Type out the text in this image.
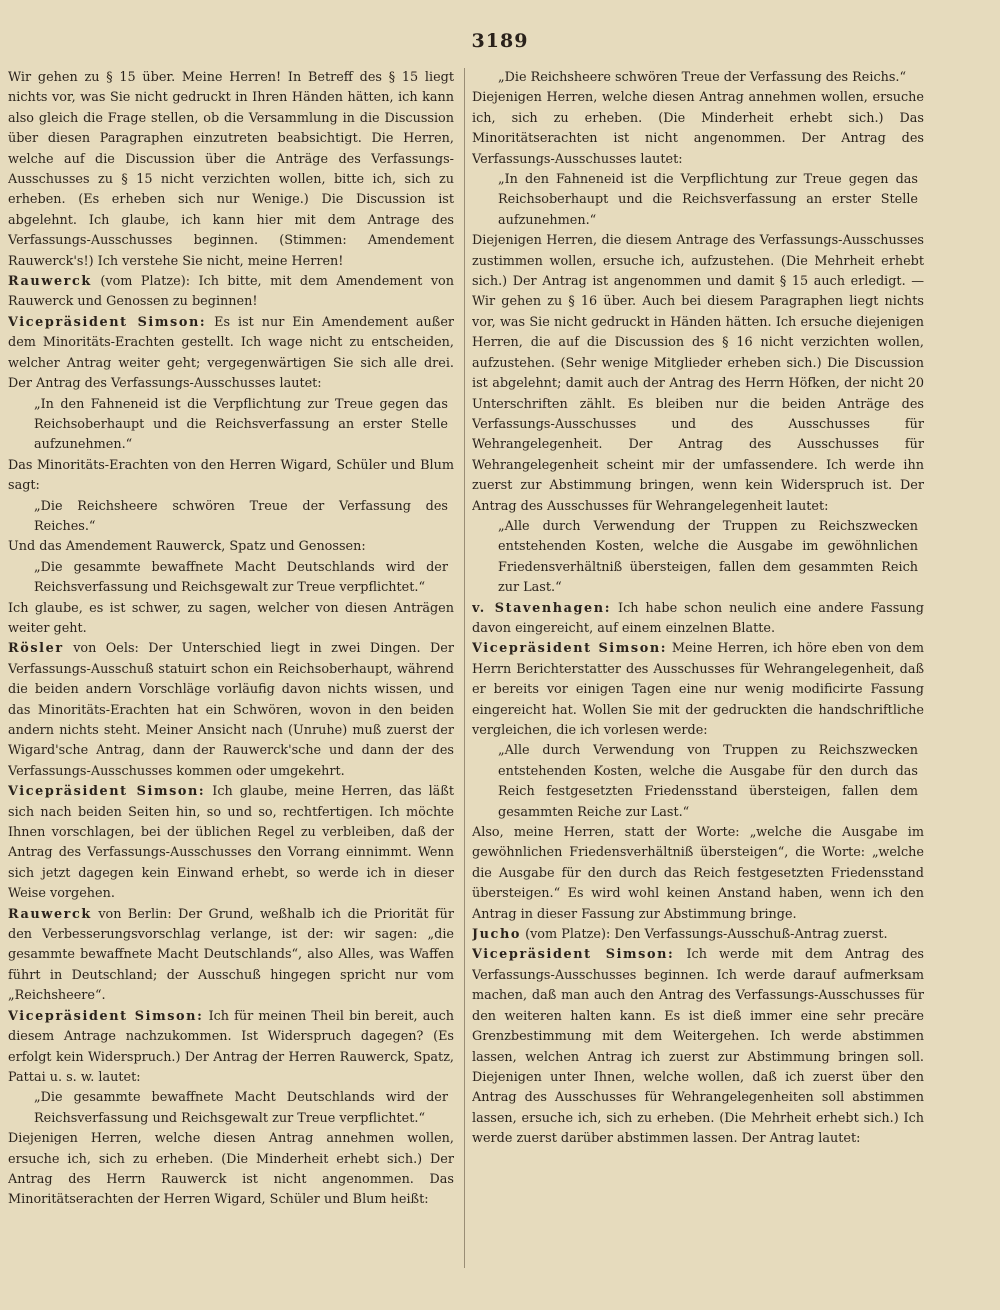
3189

Wir gehen zu § 15 über. Meine Herren! In Betreff des § 15 liegt nichts vor, was Sie nicht gedruckt in Ihren Händen hätten, ich kann also gleich die Frage stellen, ob die Versammlung in die Discussion über diesen Paragraphen einzutreten beabsichtigt. Die Herren, welche auf die Discussion über die Anträge des Verfassungs-Ausschusses zu § 15 nicht verzichten wollen, bitte ich, sich zu erheben. (Es erheben sich nur Wenige.) Die Discussion ist abgelehnt. Ich glaube, ich kann hier mit dem Antrage des Verfassungs-Ausschusses beginnen. (Stimmen: Amendement Rauwerck's!) Ich verstehe Sie nicht, meine Herren!

Rauwerck (vom Platze): Ich bitte, mit dem Amendement von Rauwerck und Genossen zu beginnen!

Vicepräsident Simson: Es ist nur Ein Amendement außer dem Minoritäts-Erachten gestellt. Ich wage nicht zu entscheiden, welcher Antrag weiter geht; vergegenwärtigen Sie sich alle drei. Der Antrag des Verfassungs-Ausschusses lautet:

„In den Fahneneid ist die Verpflichtung zur Treue gegen das Reichsoberhaupt und die Reichsverfassung an erster Stelle aufzunehmen.“

Das Minoritäts-Erachten von den Herren Wigard, Schüler und Blum sagt:

„Die Reichsheere schwören Treue der Verfassung des Reiches.“

Und das Amendement Rauwerck, Spatz und Genossen:

„Die gesammte bewaffnete Macht Deutschlands wird der Reichsverfassung und Reichsgewalt zur Treue verpflichtet.“

Ich glaube, es ist schwer, zu sagen, welcher von diesen Anträgen weiter geht.

Rösler von Oels: Der Unterschied liegt in zwei Dingen. Der Verfassungs-Ausschuß statuirt schon ein Reichsoberhaupt, während die beiden andern Vorschläge vorläufig davon nichts wissen, und das Minoritäts-Erachten hat ein Schwören, wovon in den beiden andern nichts steht. Meiner Ansicht nach (Unruhe) muß zuerst der Wigard'sche Antrag, dann der Rauwerck'sche und dann der des Verfassungs-Ausschusses kommen oder umgekehrt.

Vicepräsident Simson: Ich glaube, meine Herren, das läßt sich nach beiden Seiten hin, so und so, rechtfertigen. Ich möchte Ihnen vorschlagen, bei der üblichen Regel zu verbleiben, daß der Antrag des Verfassungs-Ausschusses den Vorrang einnimmt. Wenn sich jetzt dagegen kein Einwand erhebt, so werde ich in dieser Weise vorgehen.

Rauwerck von Berlin: Der Grund, weßhalb ich die Priorität für den Verbesserungsvorschlag verlange, ist der: wir sagen: „die gesammte bewaffnete Macht Deutschlands“, also Alles, was Waffen führt in Deutschland; der Ausschuß hingegen spricht nur vom „Reichsheere“.

Vicepräsident Simson: Ich für meinen Theil bin bereit, auch diesem Antrage nachzukommen. Ist Widerspruch dagegen? (Es erfolgt kein Widerspruch.) Der Antrag der Herren Rauwerck, Spatz, Pattai u. s. w. lautet:

„Die gesammte bewaffnete Macht Deutschlands wird der Reichsverfassung und Reichsgewalt zur Treue verpflichtet.“

Diejenigen Herren, welche diesen Antrag annehmen wollen, ersuche ich, sich zu erheben. (Die Minderheit erhebt sich.) Der Antrag des Herrn Rauwerck ist nicht angenommen. Das Minoritätserachten der Herren Wigard, Schüler und Blum heißt:

„Die Reichsheere schwören Treue der Verfassung des Reichs.“

Diejenigen Herren, welche diesen Antrag annehmen wollen, ersuche ich, sich zu erheben. (Die Minderheit erhebt sich.) Das Minoritätserachten ist nicht angenommen. Der Antrag des Verfassungs-Ausschusses lautet:

„In den Fahneneid ist die Verpflichtung zur Treue gegen das Reichsoberhaupt und die Reichsverfassung an erster Stelle aufzunehmen.“

Diejenigen Herren, die diesem Antrage des Verfassungs-Ausschusses zustimmen wollen, ersuche ich, aufzustehen. (Die Mehrheit erhebt sich.) Der Antrag ist angenommen und damit § 15 auch erledigt. — Wir gehen zu § 16 über. Auch bei diesem Paragraphen liegt nichts vor, was Sie nicht gedruckt in Händen hätten. Ich ersuche diejenigen Herren, die auf die Discussion des § 16 nicht verzichten wollen, aufzustehen. (Sehr wenige Mitglieder erheben sich.) Die Discussion ist abgelehnt; damit auch der Antrag des Herrn Höfken, der nicht 20 Unterschriften zählt. Es bleiben nur die beiden Anträge des Verfassungs-Ausschusses und des Ausschusses für Wehrangelegenheit. Der Antrag des Ausschusses für Wehrangelegenheit scheint mir der umfassendere. Ich werde ihn zuerst zur Abstimmung bringen, wenn kein Widerspruch ist. Der Antrag des Ausschusses für Wehrangelegenheit lautet:

„Alle durch Verwendung der Truppen zu Reichszwecken entstehenden Kosten, welche die Ausgabe im gewöhnlichen Friedensverhältniß übersteigen, fallen dem gesammten Reich zur Last.“

v. Stavenhagen: Ich habe schon neulich eine andere Fassung davon eingereicht, auf einem einzelnen Blatte.

Vicepräsident Simson: Meine Herren, ich höre eben von dem Herrn Berichterstatter des Ausschusses für Wehrangelegenheit, daß er bereits vor einigen Tagen eine nur wenig modificirte Fassung eingereicht hat. Wollen Sie mit der gedruckten die handschriftliche vergleichen, die ich vorlesen werde:

„Alle durch Verwendung von Truppen zu Reichszwecken entstehenden Kosten, welche die Ausgabe für den durch das Reich festgesetzten Friedensstand übersteigen, fallen dem gesammten Reiche zur Last.“

Also, meine Herren, statt der Worte: „welche die Ausgabe im gewöhnlichen Friedensverhältniß übersteigen“, die Worte: „welche die Ausgabe für den durch das Reich festgesetzten Friedensstand übersteigen.“ Es wird wohl keinen Anstand haben, wenn ich den Antrag in dieser Fassung zur Abstimmung bringe.

Jucho (vom Platze): Den Verfassungs-Ausschuß-Antrag zuerst.

Vicepräsident Simson: Ich werde mit dem Antrag des Verfassungs-Ausschusses beginnen. Ich werde darauf aufmerksam machen, daß man auch den Antrag des Verfassungs-Ausschusses für den weiteren halten kann. Es ist dieß immer eine sehr precäre Grenzbestimmung mit dem Weitergehen. Ich werde abstimmen lassen, welchen Antrag ich zuerst zur Abstimmung bringen soll. Diejenigen unter Ihnen, welche wollen, daß ich zuerst über den Antrag des Ausschusses für Wehrangelegenheiten soll abstimmen lassen, ersuche ich, sich zu erheben. (Die Mehrheit erhebt sich.) Ich werde zuerst darüber abstimmen lassen. Der Antrag lautet:
